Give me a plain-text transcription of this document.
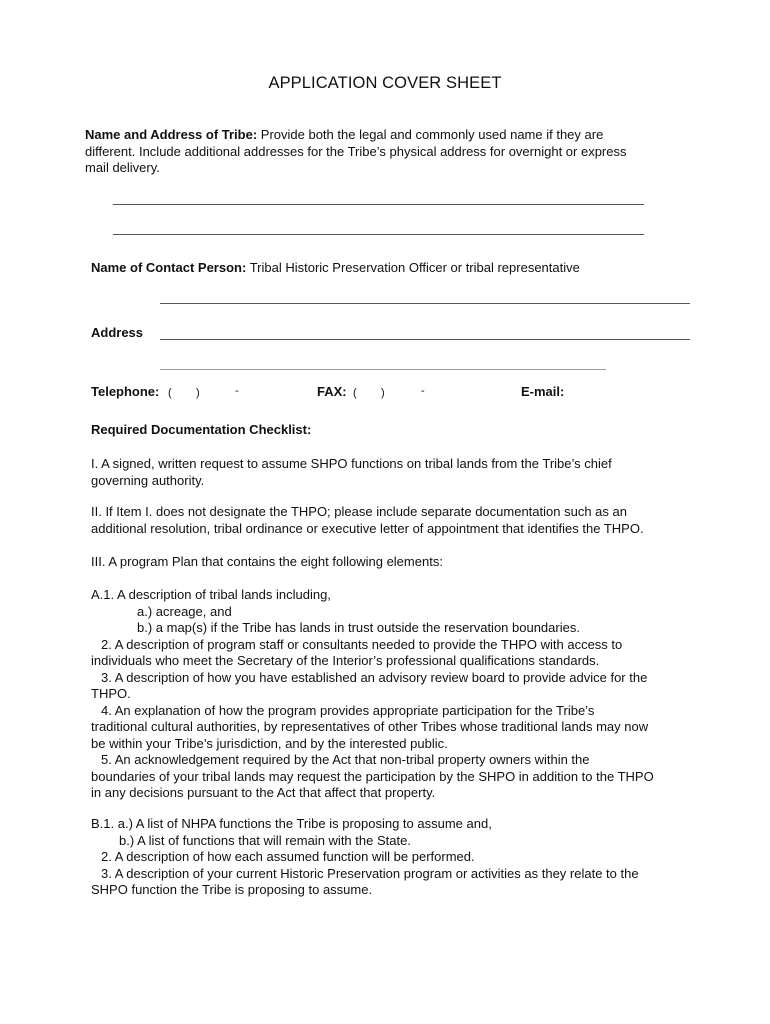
APPLICATION COVER SHEET
Name and Address of Tribe: Provide both the legal and commonly used name if they are
different. Include additional addresses for the Tribe’s physical address for overnight or express
mail delivery.
Name of Contact Person: Tribal Historic Preservation Officer or tribal representative
Address
Telephone: ( )	-	FAX: ( )	-	E-mail:
Required Documentation Checklist:
I. A signed, written request to assume SHPO functions on tribal lands from the Tribe’s chief
governing authority.
II. If Item I. does not designate the THPO; please include separate documentation such as an
additional resolution, tribal ordinance or executive letter of appointment that identifies the THPO.
III. A program Plan that contains the eight following elements:
A.1. A description of tribal lands including,
a.) acreage, and
b.) a map(s) if the Tribe has lands in trust outside the reservation boundaries.
2. A description of program staff or consultants needed to provide the THPO with access to
individuals who meet the Secretary of the Interior’s professional qualifications standards.
3. A description of how you have established an advisory review board to provide advice for the
THPO.
4. An explanation of how the program provides appropriate participation for the Tribe’s
traditional cultural authorities, by representatives of other Tribes whose traditional lands may now
be within your Tribe’s jurisdiction, and by the interested public.
5. An acknowledgement required by the Act that non-tribal property owners within the
boundaries of your tribal lands may request the participation by the SHPO in addition to the THPO
in any decisions pursuant to the Act that affect that property.
B.1. a.) A list of NHPA functions the Tribe is proposing to assume and,
b.) A list of functions that will remain with the State.
2. A description of how each assumed function will be performed.
3. A description of your current Historic Preservation program or activities as they relate to the
SHPO function the Tribe is proposing to assume.
